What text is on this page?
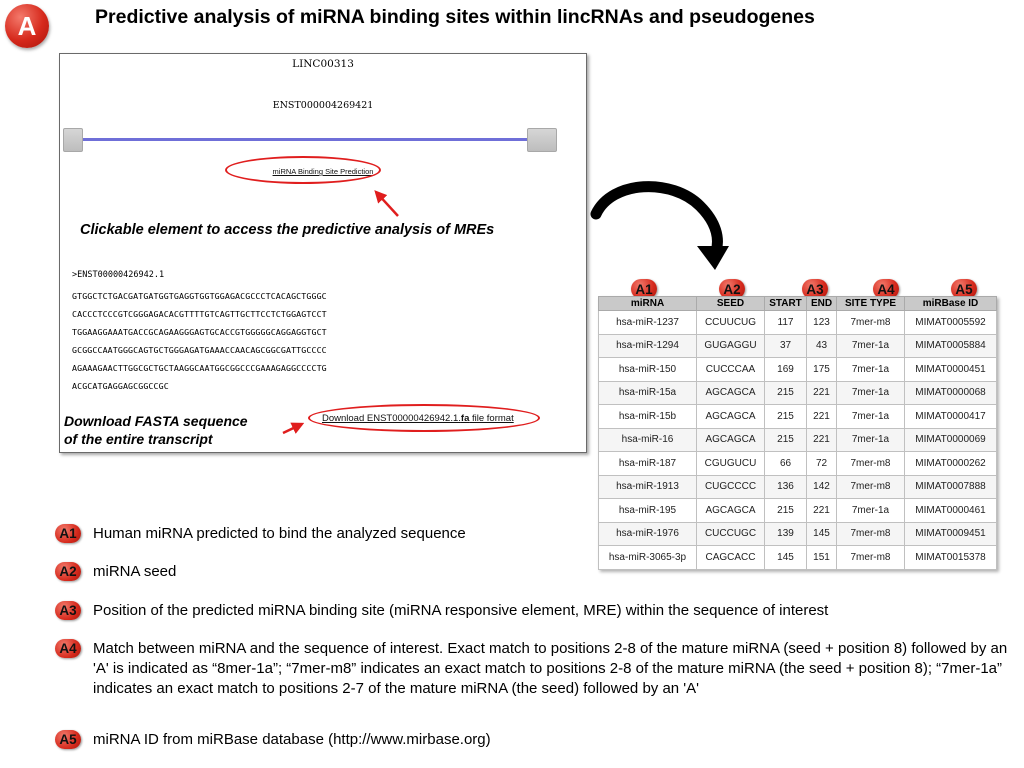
A	Predictive analysis of miRNA binding sites within lincRNAs and pseudogenes
LINC00313
ENST000004269421
miRNA Binding Site Prediction
Clickable element to access the predictive analysis of MREs
>ENST00000426942.1
GTGGCTCTGACGATGATGGTGAGGTGGTGGAGACGCCCTCACAGCTGGGC
CACCCTCCCGTCGGGAGACACGTTTTGTCAGTTGCTTCCTCTGGAGTCCT
TGGAAGGAAATGACCGCAGAAGGGAGTGCACCGTGGGGGCAGGAGGTGCT
GCGGCCAATGGGCAGTGCTGGGAGATGAAACCAACAGCGGCGATTGCCCC
AGAAAGAACTTGGCGCTGCTAAGGCAATGGCGGCCCGAAAGAGGCCCCTG
ACGCATGAGGAGCGGCCGC
Download FASTA sequence
of the entire transcript
Download ENST00000426942.1.fa file format
A1	A2	A3	A4	A5
miRNA	SEED	START	END	SITE TYPE	miRBase ID
hsa-miR-1237	CCUUCUG	117	123	7mer-m8	MIMAT0005592
hsa-miR-1294	GUGAGGU	37	43	7mer-1a	MIMAT0005884
hsa-miR-150	CUCCCAA	169	175	7mer-1a	MIMAT0000451
hsa-miR-15a	AGCAGCA	215	221	7mer-1a	MIMAT0000068
hsa-miR-15b	AGCAGCA	215	221	7mer-1a	MIMAT0000417
hsa-miR-16	AGCAGCA	215	221	7mer-1a	MIMAT0000069
hsa-miR-187	CGUGUCU	66	72	7mer-m8	MIMAT0000262
hsa-miR-1913	CUGCCCC	136	142	7mer-m8	MIMAT0007888
hsa-miR-195	AGCAGCA	215	221	7mer-1a	MIMAT0000461
hsa-miR-1976	CUCCUGC	139	145	7mer-m8	MIMAT0009451
hsa-miR-3065-3p	CAGCACC	145	151	7mer-m8	MIMAT0015378
A1 Human miRNA predicted to bind the analyzed sequence
A2 miRNA seed
A3 Position of the predicted miRNA binding site (miRNA responsive element, MRE) within the sequence of interest
A4 Match between miRNA and the sequence of interest. Exact match to positions 2-8 of the mature miRNA (seed + position 8) followed by an 'A' is indicated as “8mer-1a”; “7mer-m8” indicates an exact match to positions 2-8 of the mature miRNA (the seed + position 8); “7mer-1a” indicates an exact match to positions 2-7 of the mature miRNA (the seed) followed by an 'A'
A5 miRNA ID from miRBase database (http://www.mirbase.org)
